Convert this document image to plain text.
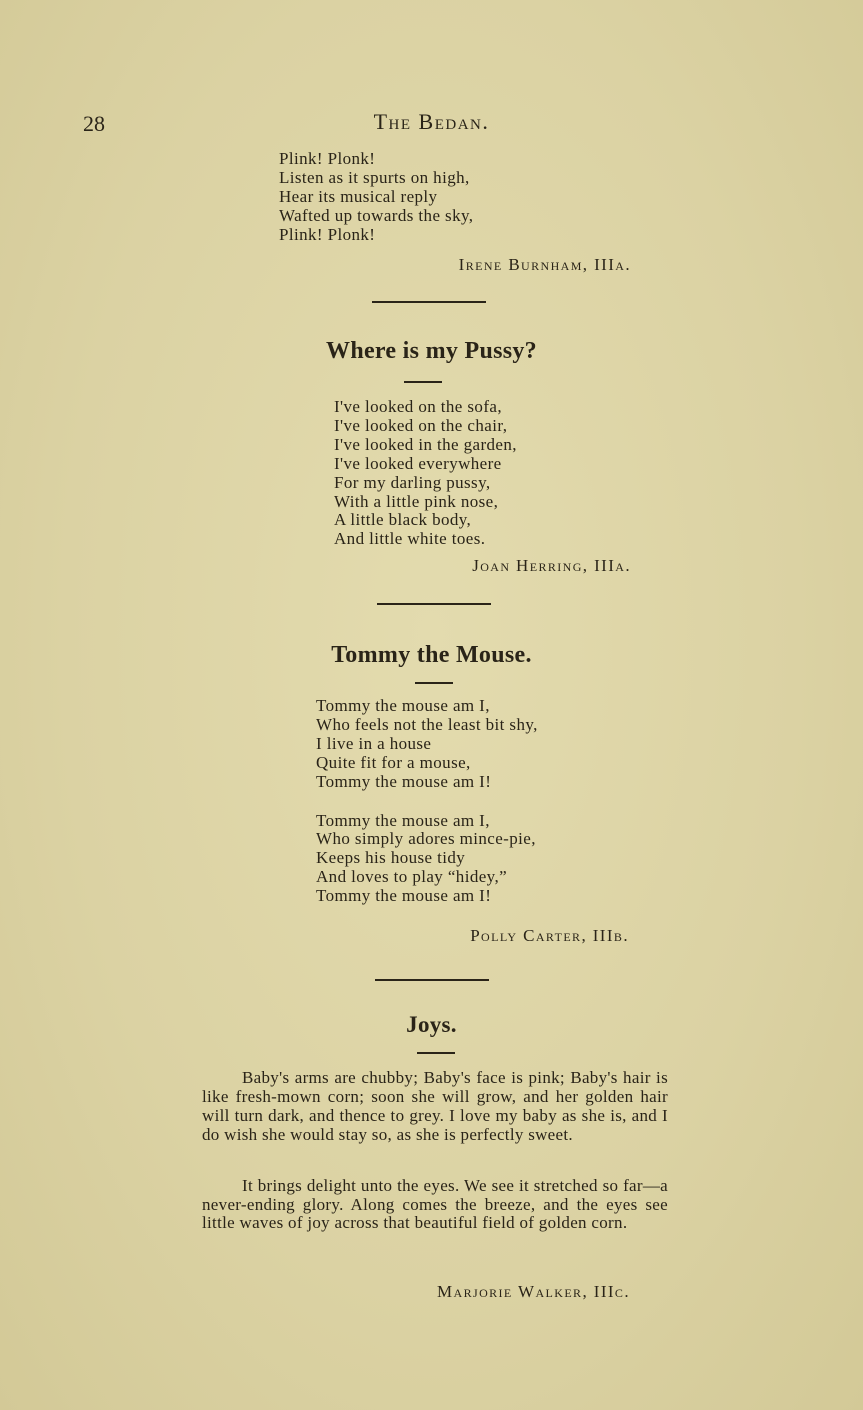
28	The Bedan.
Plink! Plonk!
Listen as it spurts on high,
Hear its musical reply
Wafted up towards the sky,
Plink! Plonk!
Irene Burnham, IIIa.
Where is my Pussy?
I've looked on the sofa,
I've looked on the chair,
I've looked in the garden,
I've looked everywhere
For my darling pussy,
With a little pink nose,
A little black body,
And little white toes.
Joan Herring, IIIa.
Tommy the Mouse.
Tommy the mouse am I,
Who feels not the least bit shy,
I live in a house
Quite fit for a mouse,
Tommy the mouse am I!
Tommy the mouse am I,
Who simply adores mince-pie,
Keeps his house tidy
And loves to play “hidey,”
Tommy the mouse am I!
Polly Carter, IIIb.
Joys.

Baby's arms are chubby; Baby's face is pink; Baby's hair is like fresh-mown corn; soon she will grow, and her golden hair will turn dark, and thence to grey. I love my baby as she is, and I do wish she would stay so, as she is perfectly sweet.

It brings delight unto the eyes. We see it stretched so far—a never-ending glory. Along comes the breeze, and the eyes see little waves of joy across that beautiful field of golden corn.

Marjorie Walker, IIIc.
